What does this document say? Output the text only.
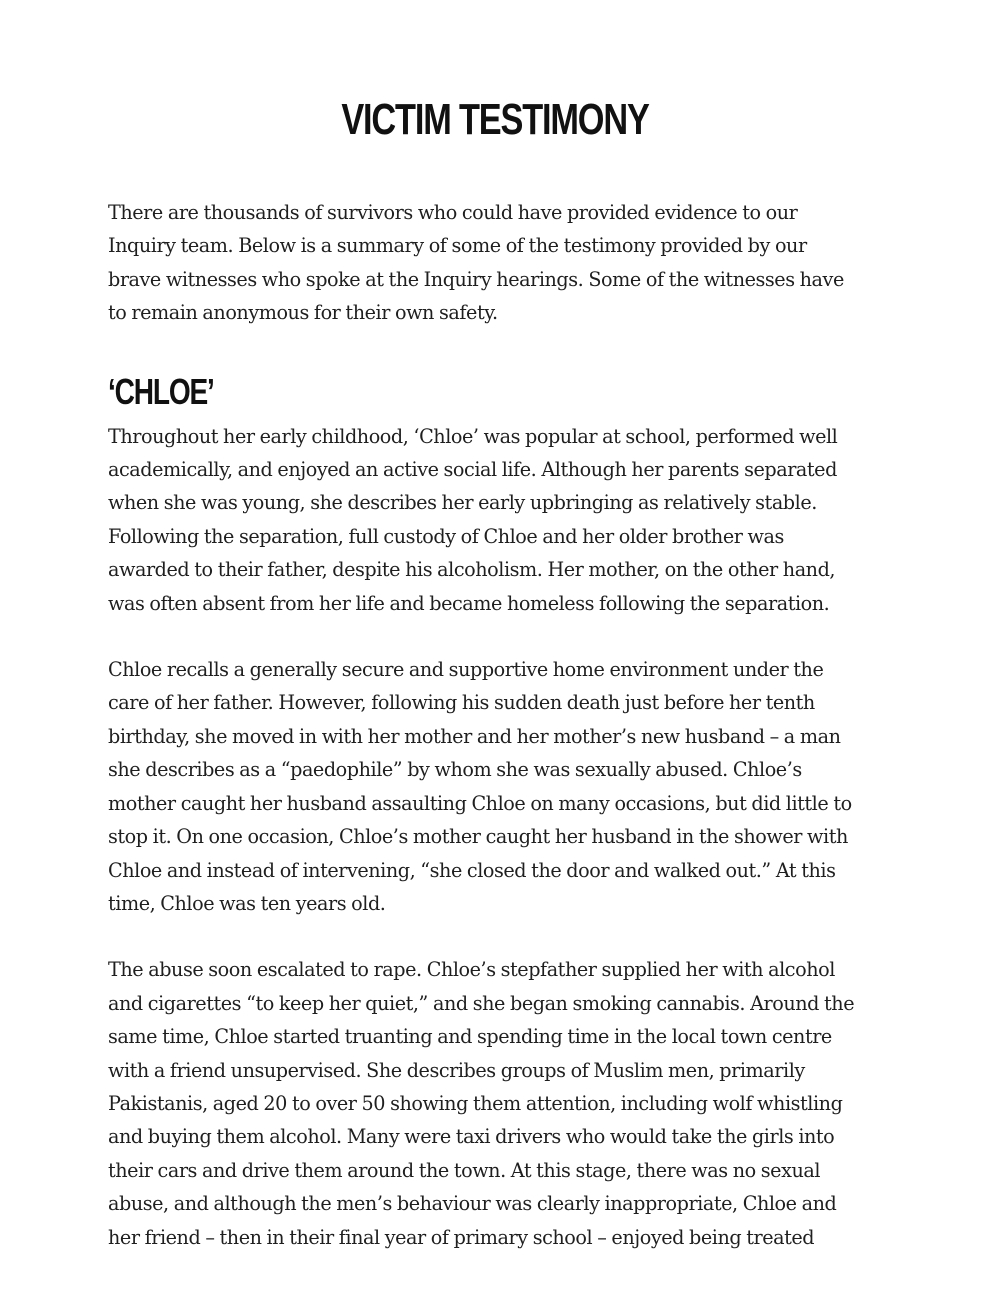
VICTIM TESTIMONY

There are thousands of survivors who could have provided evidence to our
Inquiry team. Below is a summary of some of the testimony provided by our
brave witnesses who spoke at the Inquiry hearings. Some of the witnesses have
to remain anonymous for their own safety.

‘CHLOE’

Throughout her early childhood, ‘Chloe’ was popular at school, performed well
academically, and enjoyed an active social life. Although her parents separated
when she was young, she describes her early upbringing as relatively stable.
Following the separation, full custody of Chloe and her older brother was
awarded to their father, despite his alcoholism. Her mother, on the other hand,
was often absent from her life and became homeless following the separation.

Chloe recalls a generally secure and supportive home environment under the
care of her father. However, following his sudden death just before her tenth
birthday, she moved in with her mother and her mother’s new husband – a man
she describes as a “paedophile” by whom she was sexually abused. Chloe’s
mother caught her husband assaulting Chloe on many occasions, but did little to
stop it. On one occasion, Chloe’s mother caught her husband in the shower with
Chloe and instead of intervening, “she closed the door and walked out.” At this
time, Chloe was ten years old.

The abuse soon escalated to rape. Chloe’s stepfather supplied her with alcohol
and cigarettes “to keep her quiet,” and she began smoking cannabis. Around the
same time, Chloe started truanting and spending time in the local town centre
with a friend unsupervised. She describes groups of Muslim men, primarily
Pakistanis, aged 20 to over 50 showing them attention, including wolf whistling
and buying them alcohol. Many were taxi drivers who would take the girls into
their cars and drive them around the town. At this stage, there was no sexual
abuse, and although the men’s behaviour was clearly inappropriate, Chloe and
her friend – then in their final year of primary school – enjoyed being treated
